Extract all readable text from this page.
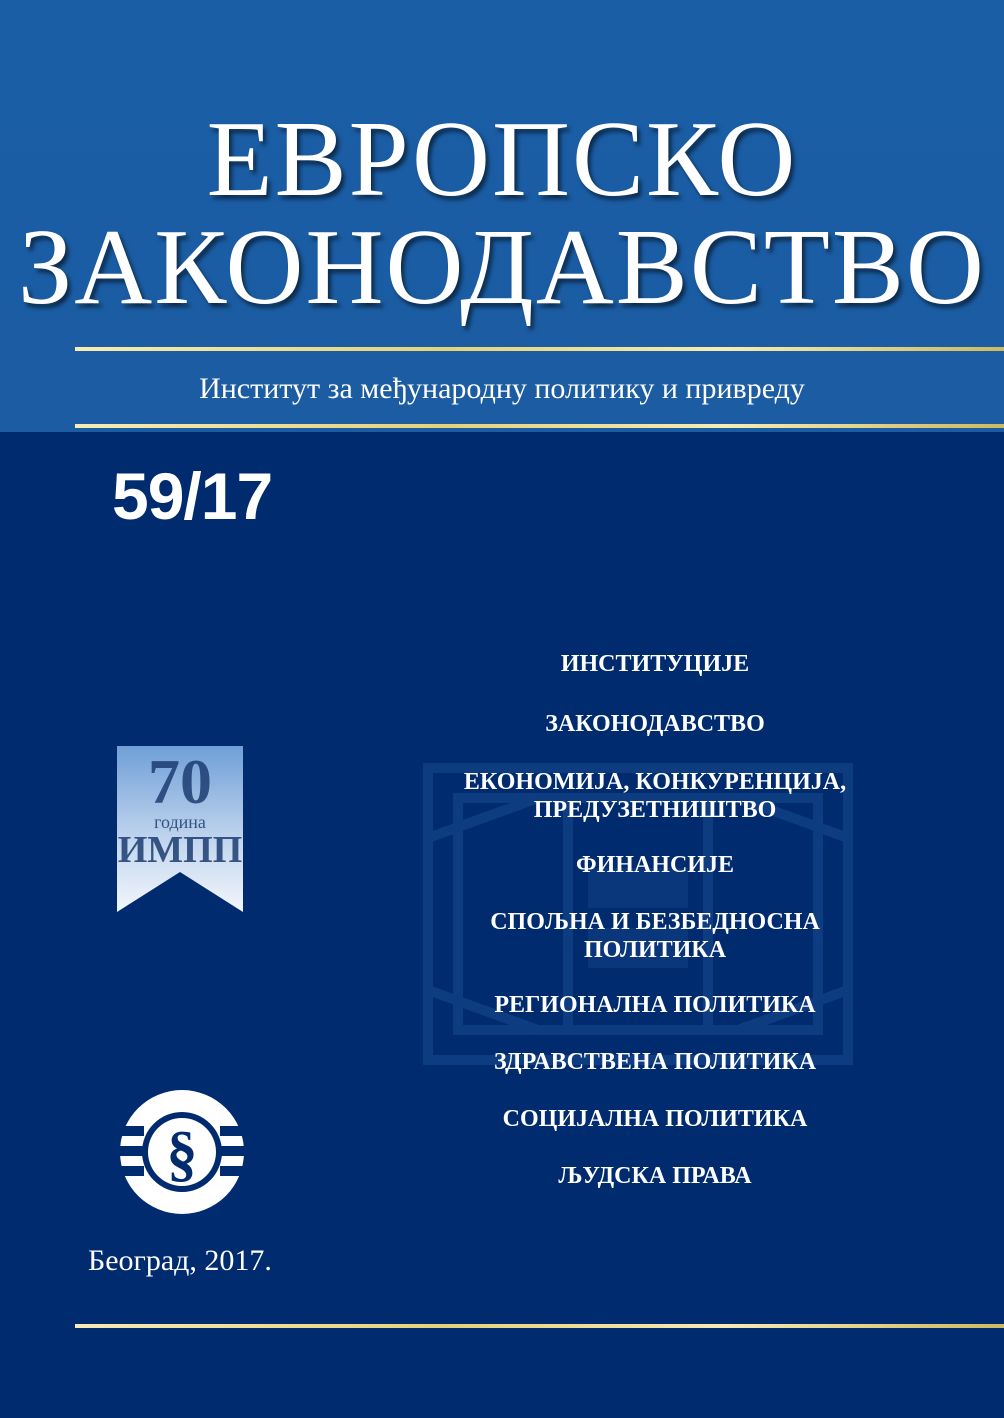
ЕВРОПСКО
ЗАКОНОДАВСТВО
Институт за међународну политику и привреду
59/17
ИНСТИТУЦИЈЕ
ЗАКОНОДАВСТВО
ЕКОНОМИЈА, КОНКУРЕНЦИЈА,
ПРЕДУЗЕТНИШТВО
ФИНАНСИЈЕ
СПОЉНА И БЕЗБЕДНОСНА
ПОЛИТИКА
РЕГИОНАЛНА ПОЛИТИКА
ЗДРАВСТВЕНА ПОЛИТИКА
СОЦИЈАЛНА ПОЛИТИКА
ЉУДСКА ПРАВА
70
година
ИМПП
§
Београд, 2017.
